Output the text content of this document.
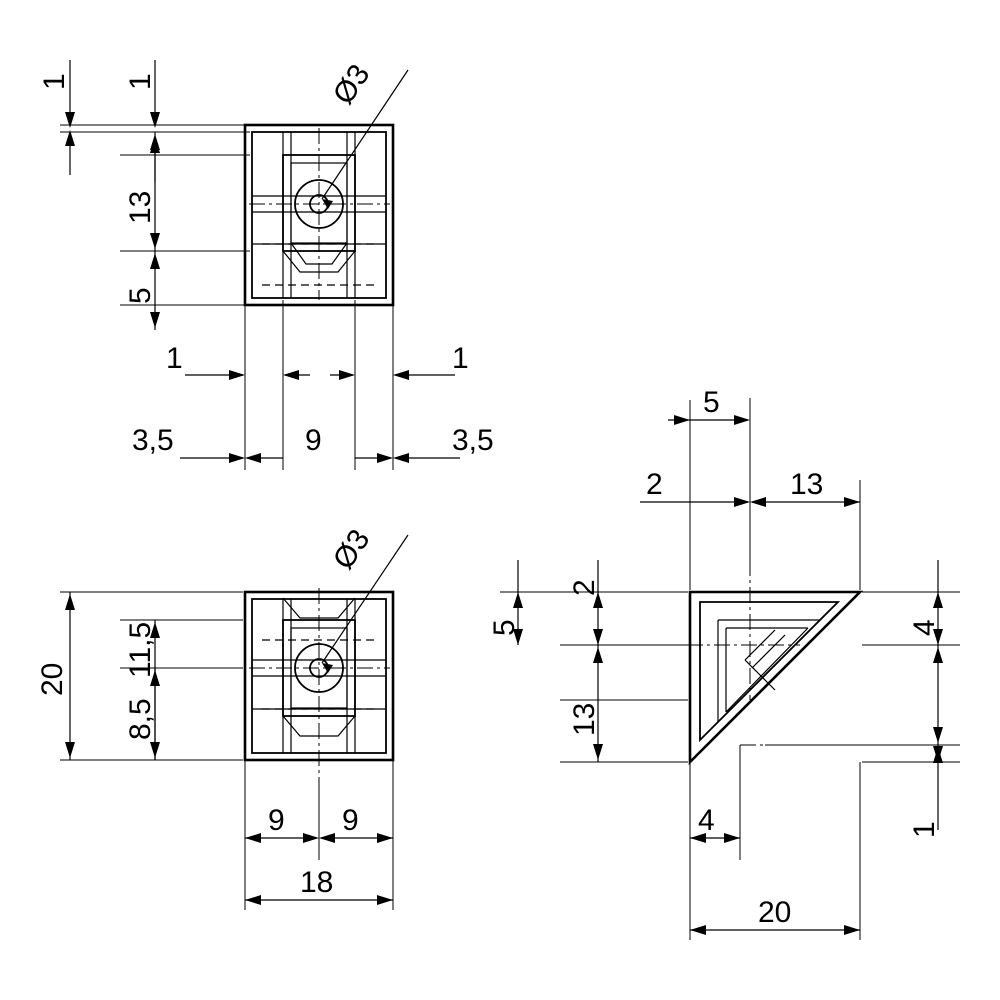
Ø3
1 1
13
5
1	1
3,5	9	3,5
Ø3
20
11,5
8,5
9 9
18
5
2	13
5
2
13
4
1
4
20
